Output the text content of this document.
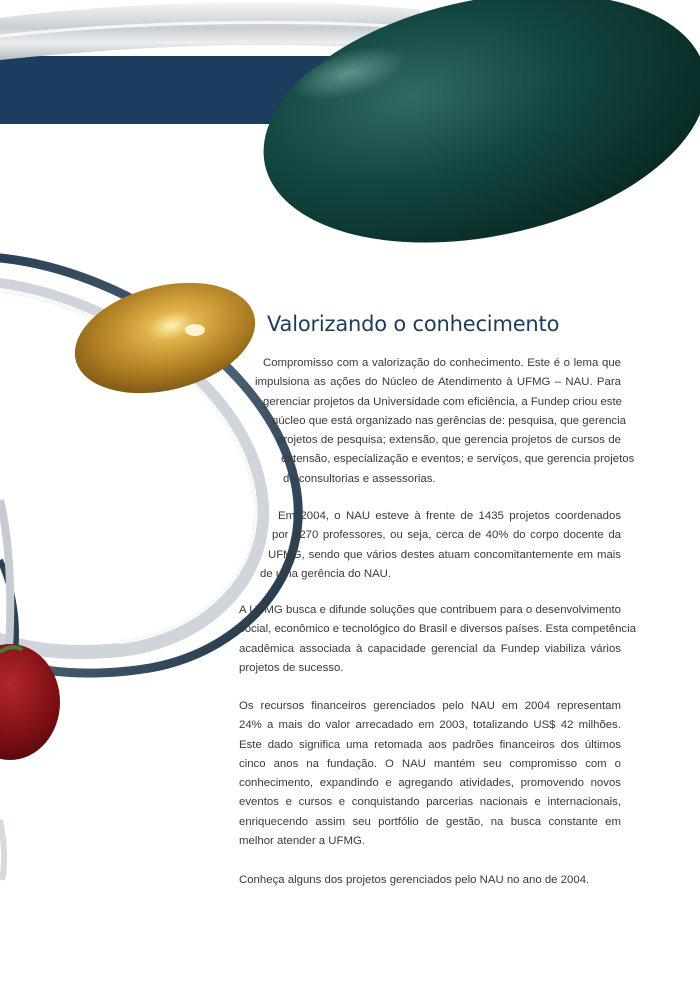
Valorizando o conhecimento
Compromisso com a valorização do conhecimento. Este é o lema que
impulsiona as ações do Núcleo de Atendimento à UFMG – NAU. Para
gerenciar projetos da Universidade com eficiência, a Fundep criou este
núcleo que está organizado nas gerências de: pesquisa, que gerencia
projetos de pesquisa; extensão, que gerencia projetos de cursos de
extensão, especialização e eventos; e serviços, que gerencia projetos
de consultorias e assessorias.
Em 2004, o NAU esteve à frente de 1435 projetos coordenados
por 1270 professores, ou seja, cerca de 40% do corpo docente da
UFMG, sendo que vários destes atuam concomitantemente em mais
de uma gerência do NAU.
A UFMG busca e difunde soluções que contribuem para o desenvolvimento
social, econômico e tecnológico do Brasil e diversos países. Esta competência
acadêmica associada à capacidade gerencial da Fundep viabiliza vários
projetos de sucesso.
Os recursos financeiros gerenciados pelo NAU em 2004 representam
24% a mais do valor arrecadado em 2003, totalizando US$ 42 milhões.
Este dado significa uma retomada aos padrões financeiros dos últimos
cinco anos na fundação. O NAU mantém seu compromisso com o
conhecimento, expandindo e agregando atividades, promovendo novos
eventos e cursos e conquistando parcerias nacionais e internacionais,
enriquecendo assim seu portfólio de gestão, na busca constante em
melhor atender a UFMG.
Conheça alguns dos projetos gerenciados pelo NAU no ano de 2004.
